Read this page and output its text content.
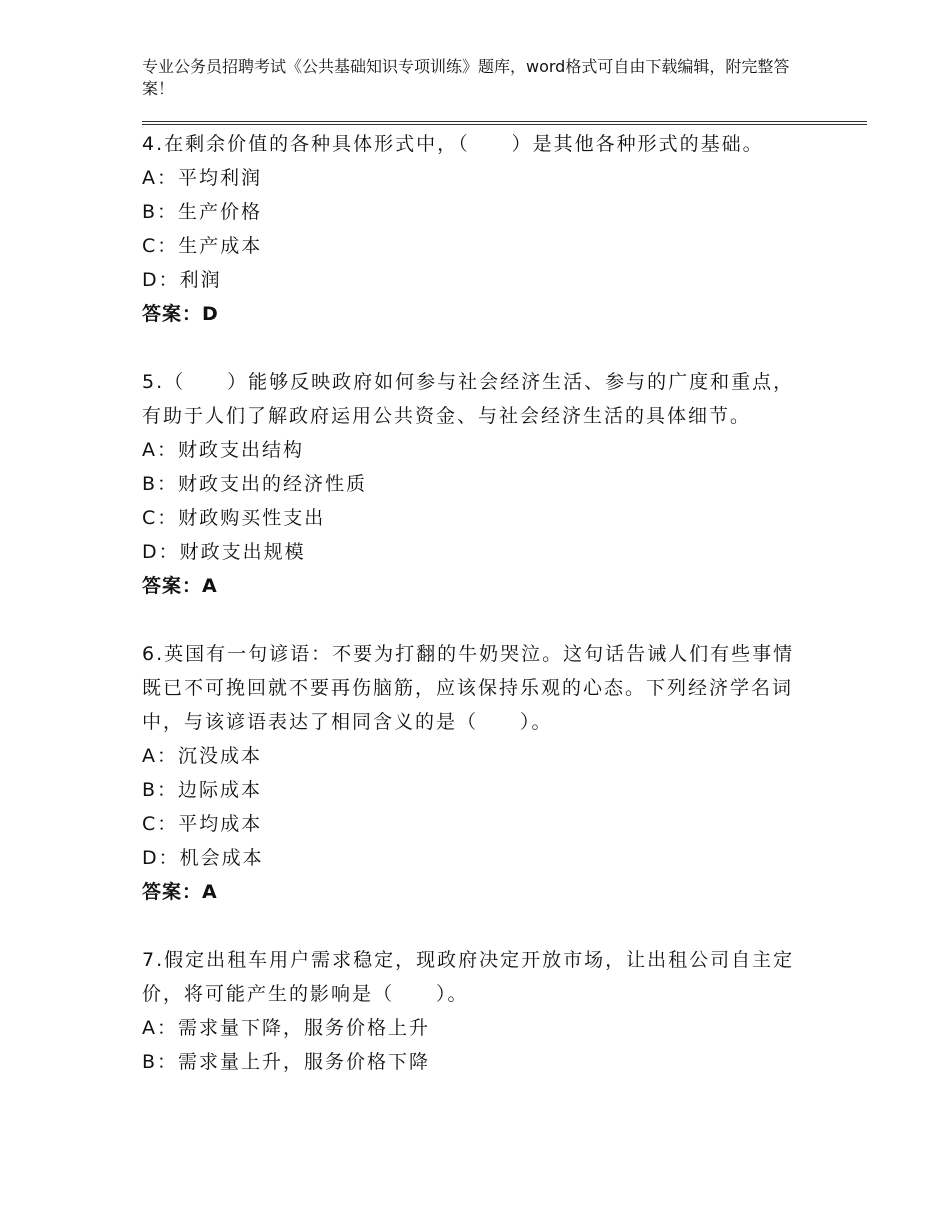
专业公务员招聘考试《公共基础知识专项训练》题库，word格式可自由下载编辑，附完整答案！
4.在剩余价值的各种具体形式中，（　　）是其他各种形式的基础。
A：平均利润
B：生产价格
C：生产成本
D：利润
答案：D
5.（　　）能够反映政府如何参与社会经济生活、参与的广度和重点，有助于人们了解政府运用公共资金、与社会经济生活的具体细节。
A：财政支出结构
B：财政支出的经济性质
C：财政购买性支出
D：财政支出规模
答案：A
6.英国有一句谚语：不要为打翻的牛奶哭泣。这句话告诫人们有些事情既已不可挽回就不要再伤脑筋，应该保持乐观的心态。下列经济学名词中，与该谚语表达了相同含义的是（　　）。
A：沉没成本
B：边际成本
C：平均成本
D：机会成本
答案：A
7.假定出租车用户需求稳定，现政府决定开放市场，让出租公司自主定价，将可能产生的影响是（　　）。
A：需求量下降，服务价格上升
B：需求量上升，服务价格下降
